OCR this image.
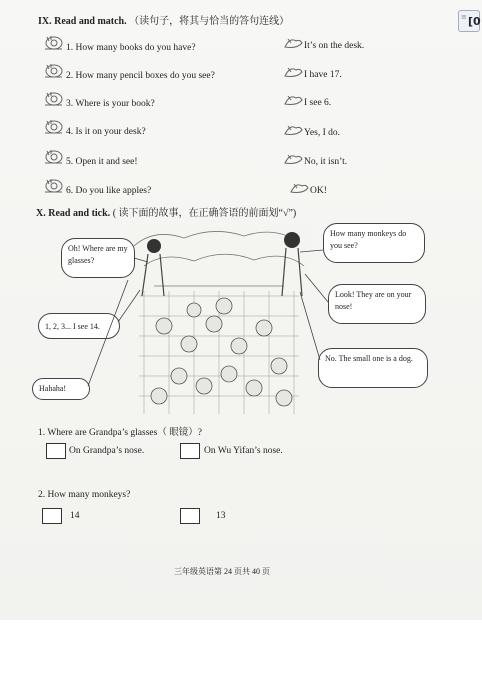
IX. Read and match. （读句子，将其与恰当的答句连线）
1. How many books do you have?
2. How many pencil boxes do you see?
3. Where is your book?
4. Is it on your desk?
5. Open it and see!
6. Do you like apples?
It’s on the desk.
I have 17.
I see 6.
Yes, I do.
No, it isn’t.
OK!
X. Read and tick. ( 读下面的故事，在正确答语的前面划“√”)
Oh! Where are my glasses?
1, 2, 3... I see 14.
Hahaha!
How many monkeys do you see?
Look! They are on your nose!
No. The small one is a dog.
1. Where are Grandpa’s glasses（ 眼镜）?
On Grandpa’s nose.	On Wu Yifan’s nose.
2. How many monkeys?
14	13
三年级英语第 24 页共 40 页
≡ [0
